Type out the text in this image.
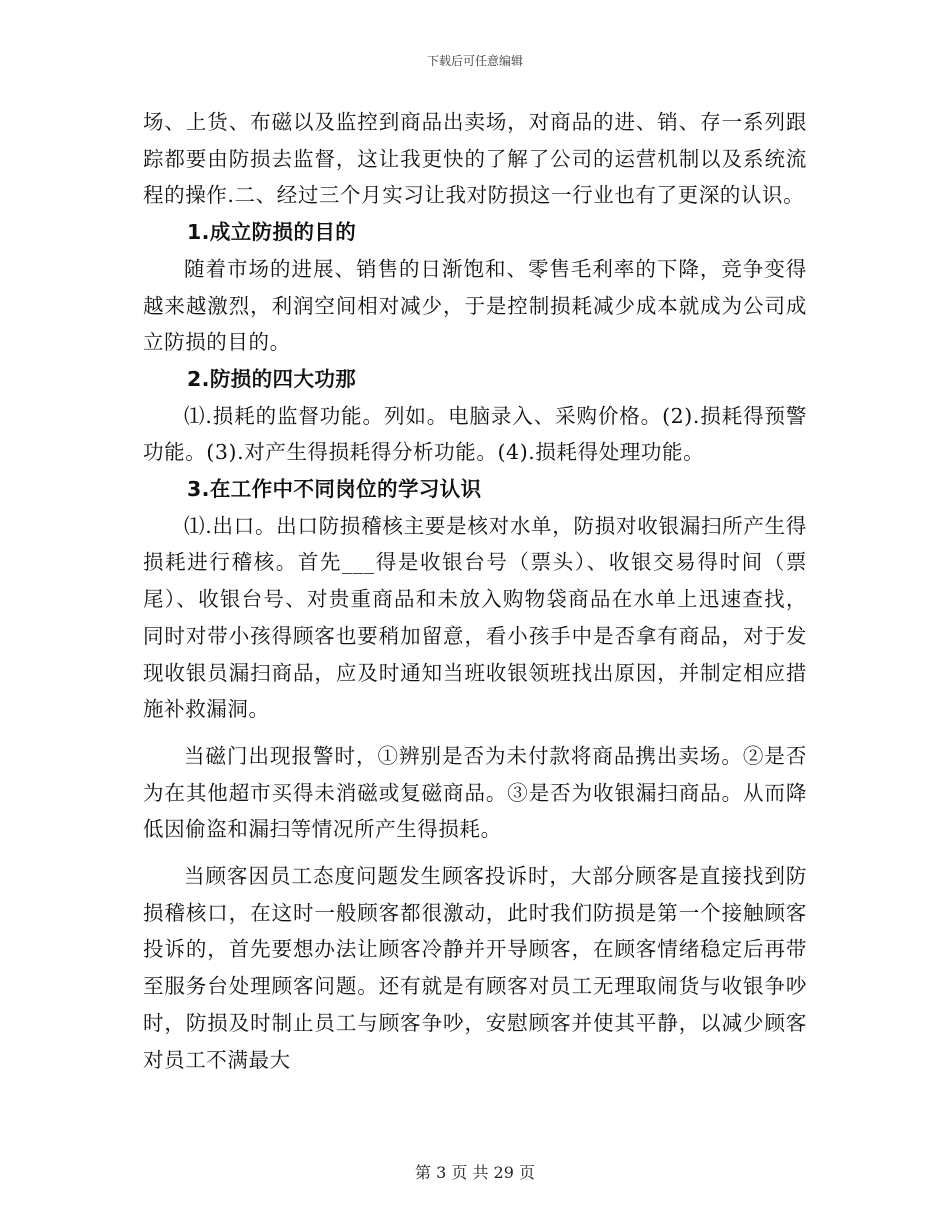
下载后可任意编辑

场、上货、布磁以及监控到商品出卖场，对商品的进、销、存一系列跟踪都要由防损去监督，这让我更快的了解了公司的运营机制以及系统流程的操作.二、经过三个月实习让我对防损这一行业也有了更深的认识。

1.成立防损的目的

随着市场的进展、销售的日渐饱和、零售毛利率的下降，竞争变得越来越激烈，利润空间相对减少，于是控制损耗减少成本就成为公司成立防损的目的。

2.防损的四大功那

⑴.损耗的监督功能。列如。电脑录入、采购价格。(2).损耗得预警功能。(3).对产生得损耗得分析功能。(4).损耗得处理功能。

3.在工作中不同岗位的学习认识

⑴.出口。出口防损稽核主要是核对水单，防损对收银漏扫所产生得损耗进行稽核。首先___得是收银台号（票头）、收银交易得时间（票尾）、收银台号、对贵重商品和未放入购物袋商品在水单上迅速查找，同时对带小孩得顾客也要稍加留意，看小孩手中是否拿有商品，对于发现收银员漏扫商品，应及时通知当班收银领班找出原因，并制定相应措施补救漏洞。

当磁门出现报警时，①辨别是否为未付款将商品携出卖场。②是否为在其他超市买得未消磁或复磁商品。③是否为收银漏扫商品。从而降低因偷盗和漏扫等情况所产生得损耗。

当顾客因员工态度问题发生顾客投诉时，大部分顾客是直接找到防损稽核口，在这时一般顾客都很激动，此时我们防损是第一个接触顾客投诉的，首先要想办法让顾客冷静并开导顾客，在顾客情绪稳定后再带至服务台处理顾客问题。还有就是有顾客对员工无理取闹货与收银争吵时，防损及时制止员工与顾客争吵，安慰顾客并使其平静，以减少顾客对员工不满最大

第 3 页 共 29 页
